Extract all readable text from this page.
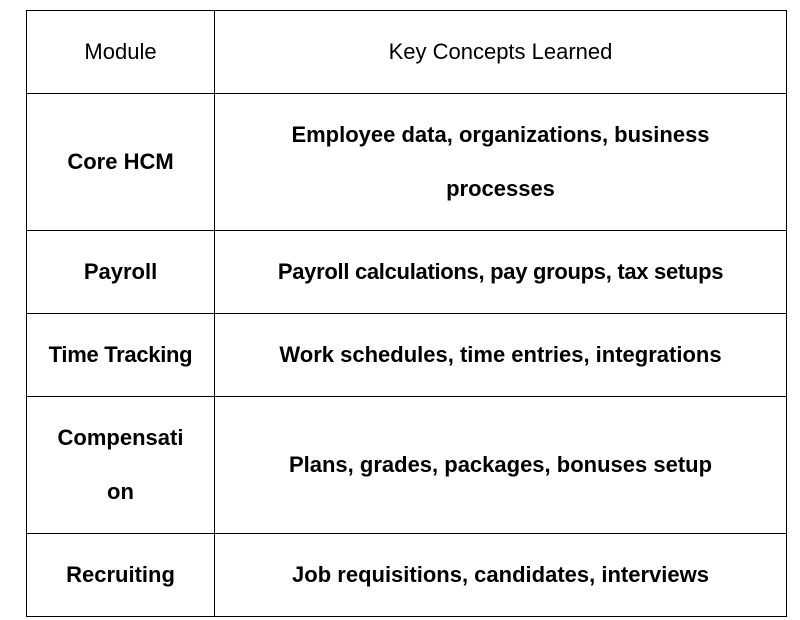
Module	Key Concepts Learned
Core HCM	Employee data, organizations, business processes
Payroll	Payroll calculations, pay groups, tax setups
Time Tracking	Work schedules, time entries, integrations
Compensation	Plans, grades, packages, bonuses setup
Recruiting	Job requisitions, candidates, interviews
